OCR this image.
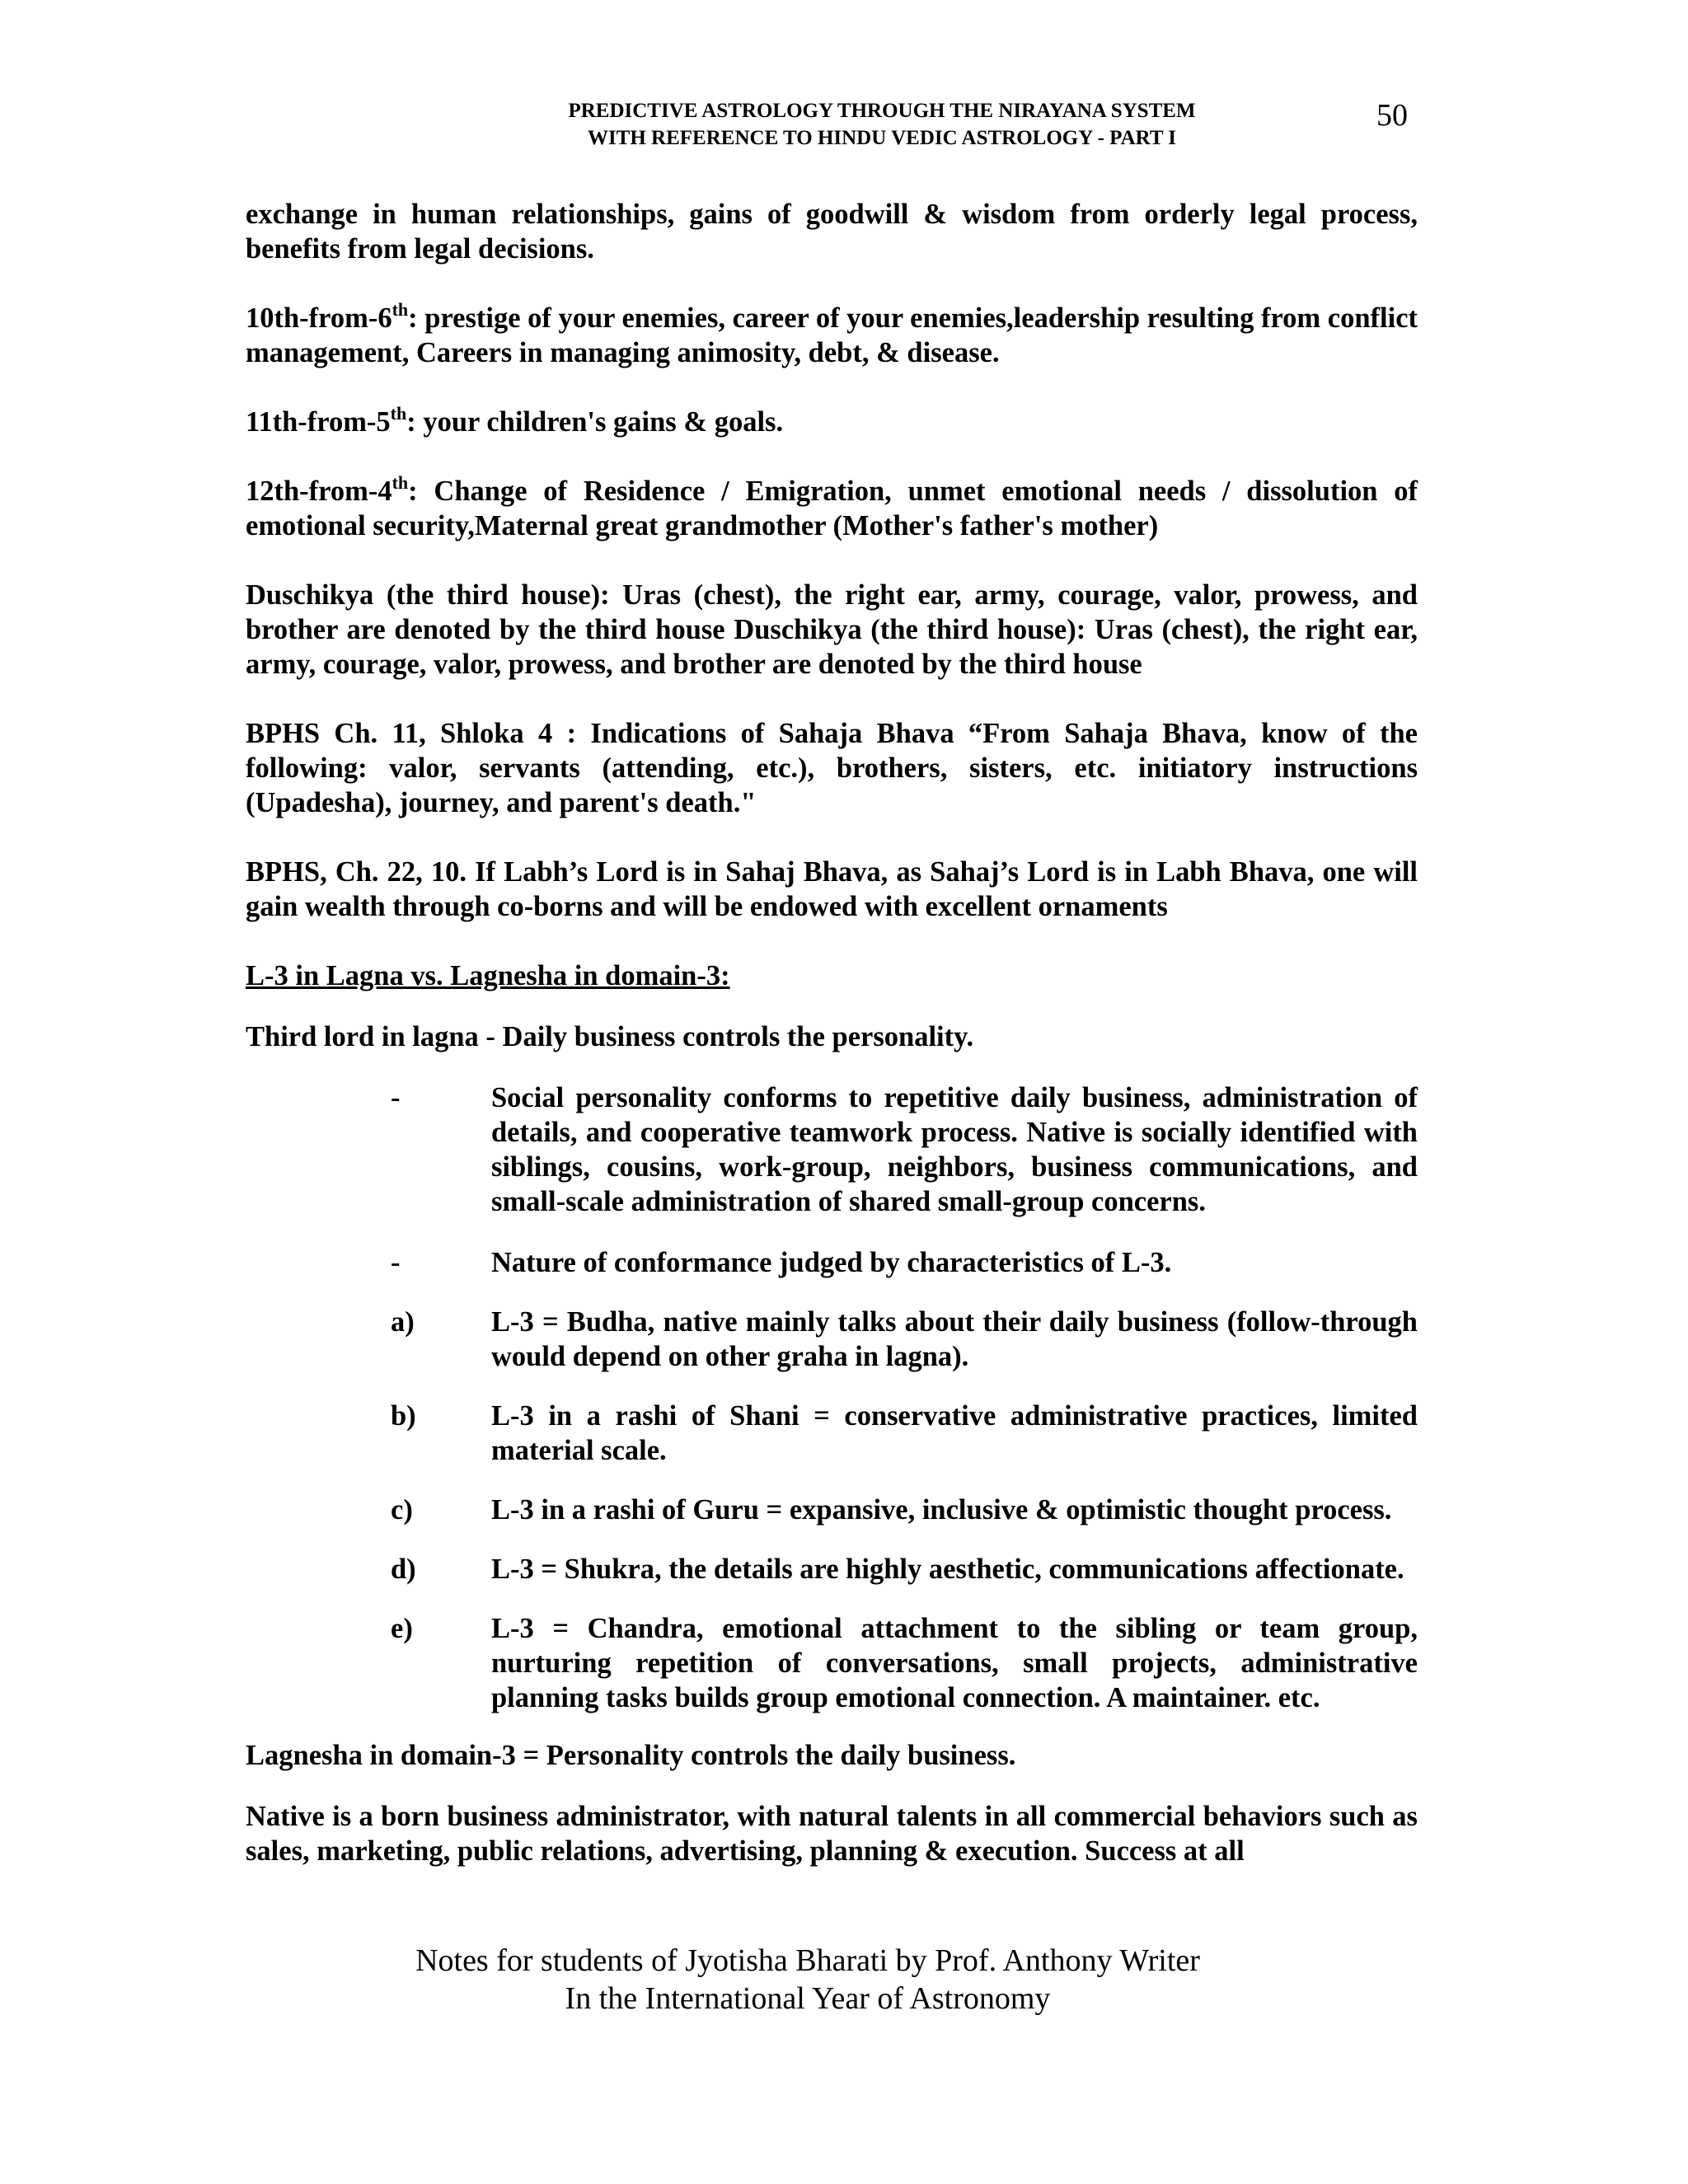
PREDICTIVE ASTROLOGY THROUGH THE NIRAYANA SYSTEM
WITH REFERENCE TO HINDU VEDIC ASTROLOGY - PART I
50

exchange in human relationships, gains of goodwill & wisdom from orderly legal process, benefits from legal decisions.

10th-from-6th: prestige of your enemies, career of your enemies,leadership resulting from conflict management, Careers in managing animosity, debt, & disease.

11th-from-5th: your children's gains & goals.

12th-from-4th: Change of Residence / Emigration, unmet emotional needs / dissolution of emotional security,Maternal great grandmother (Mother's father's mother)

Duschikya (the third house): Uras (chest), the right ear, army, courage, valor, prowess, and brother are denoted by the third house Duschikya (the third house): Uras (chest), the right ear, army, courage, valor, prowess, and brother are denoted by the third house

BPHS Ch. 11, Shloka 4 : Indications of Sahaja Bhava “From Sahaja Bhava, know of the following: valor, servants (attending, etc.), brothers, sisters, etc. initiatory instructions (Upadesha), journey, and parent's death."

BPHS, Ch. 22, 10. If Labh’s Lord is in Sahaj Bhava, as Sahaj’s Lord is in Labh Bhava, one will gain wealth through co-borns and will be endowed with excellent ornaments

L-3 in Lagna vs. Lagnesha in domain-3:

Third lord in lagna - Daily business controls the personality.

-	Social personality conforms to repetitive daily business, administration of details, and cooperative teamwork process. Native is socially identified with siblings, cousins, work-group, neighbors, business communications, and small-scale administration of shared small-group concerns.

-	Nature of conformance judged by characteristics of L-3.

a)	L-3 = Budha, native mainly talks about their daily business (follow-through would depend on other graha in lagna).

b)	L-3 in a rashi of Shani = conservative administrative practices, limited material scale.

c)	L-3 in a rashi of Guru = expansive, inclusive & optimistic thought process.

d)	L-3 = Shukra, the details are highly aesthetic, communications affectionate.

e)	L-3 = Chandra, emotional attachment to the sibling or team group, nurturing repetition of conversations, small projects, administrative planning tasks builds group emotional connection. A maintainer. etc.

Lagnesha in domain-3 = Personality controls the daily business.

Native is a born business administrator, with natural talents in all commercial behaviors such as sales, marketing, public relations, advertising, planning & execution. Success at all

Notes for students of Jyotisha Bharati by Prof. Anthony Writer
In the International Year of Astronomy
